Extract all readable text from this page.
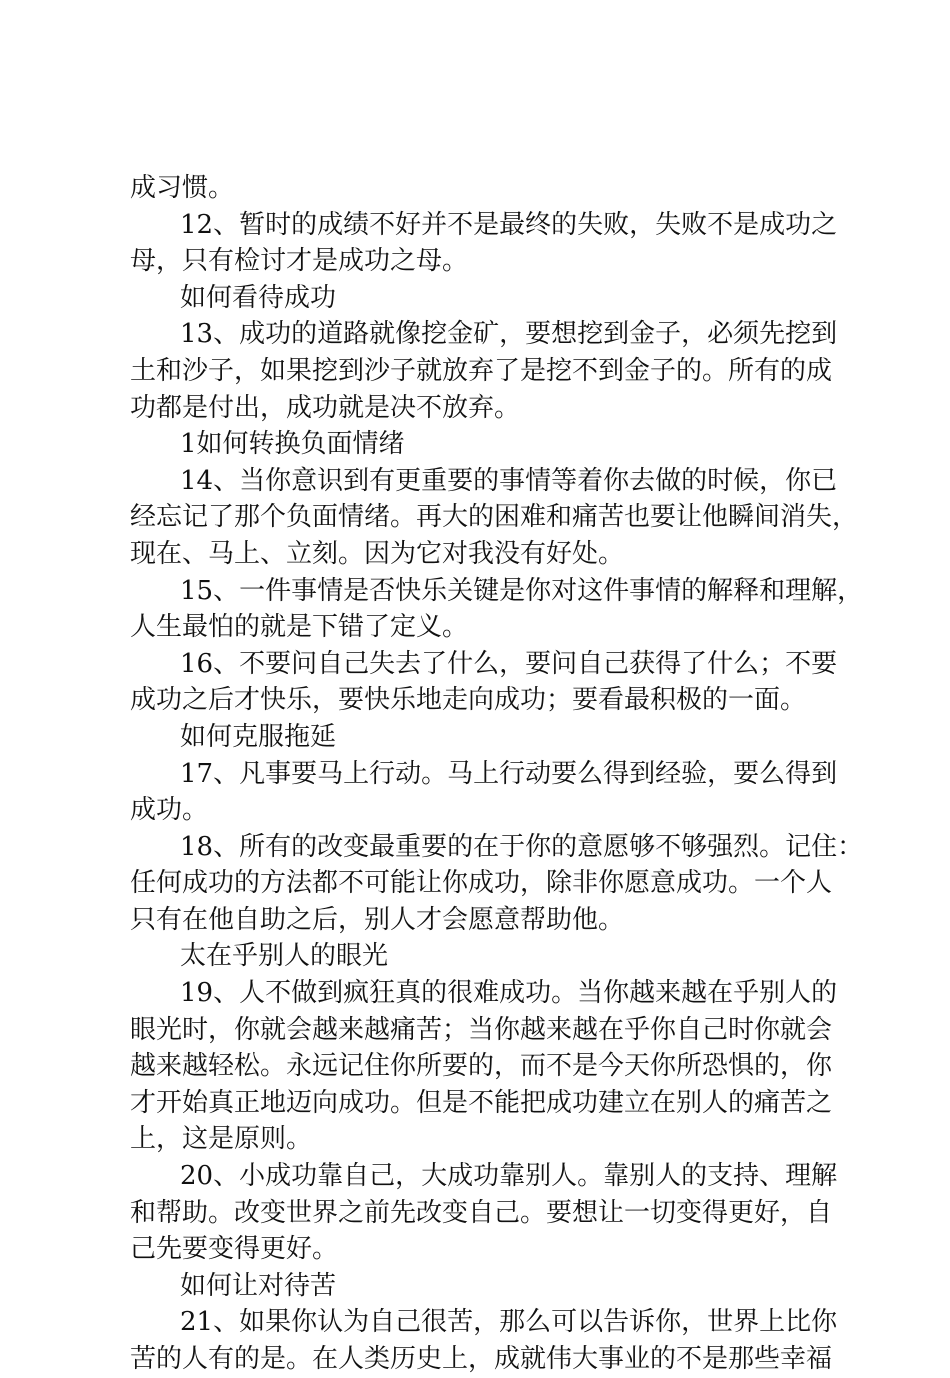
成习惯。
12、暂时的成绩不好并不是最终的失败，失败不是成功之
母，只有检讨才是成功之母。
如何看待成功
13、成功的道路就像挖金矿，要想挖到金子，必须先挖到
土和沙子，如果挖到沙子就放弃了是挖不到金子的。所有的成
功都是付出，成功就是决不放弃。
1如何转换负面情绪
14、当你意识到有更重要的事情等着你去做的时候，你已
经忘记了那个负面情绪。再大的困难和痛苦也要让他瞬间消失，
现在、马上、立刻。因为它对我没有好处。
15、一件事情是否快乐关键是你对这件事情的解释和理解，
人生最怕的就是下错了定义。
16、不要问自己失去了什么，要问自己获得了什么；不要
成功之后才快乐，要快乐地走向成功；要看最积极的一面。
如何克服拖延
17、凡事要马上行动。马上行动要么得到经验，要么得到
成功。
18、所有的改变最重要的在于你的意愿够不够强烈。记住：
任何成功的方法都不可能让你成功，除非你愿意成功。一个人
只有在他自助之后，别人才会愿意帮助他。
太在乎别人的眼光
19、人不做到疯狂真的很难成功。当你越来越在乎别人的
眼光时，你就会越来越痛苦；当你越来越在乎你自己时你就会
越来越轻松。永远记住你所要的，而不是今天你所恐惧的，你
才开始真正地迈向成功。但是不能把成功建立在别人的痛苦之
上，这是原则。
20、小成功靠自己，大成功靠别人。靠别人的支持、理解
和帮助。改变世界之前先改变自己。要想让一切变得更好，自
己先要变得更好。
如何让对待苦
21、如果你认为自己很苦，那么可以告诉你，世界上比你
苦的人有的是。在人类历史上，成就伟大事业的不是那些幸福
